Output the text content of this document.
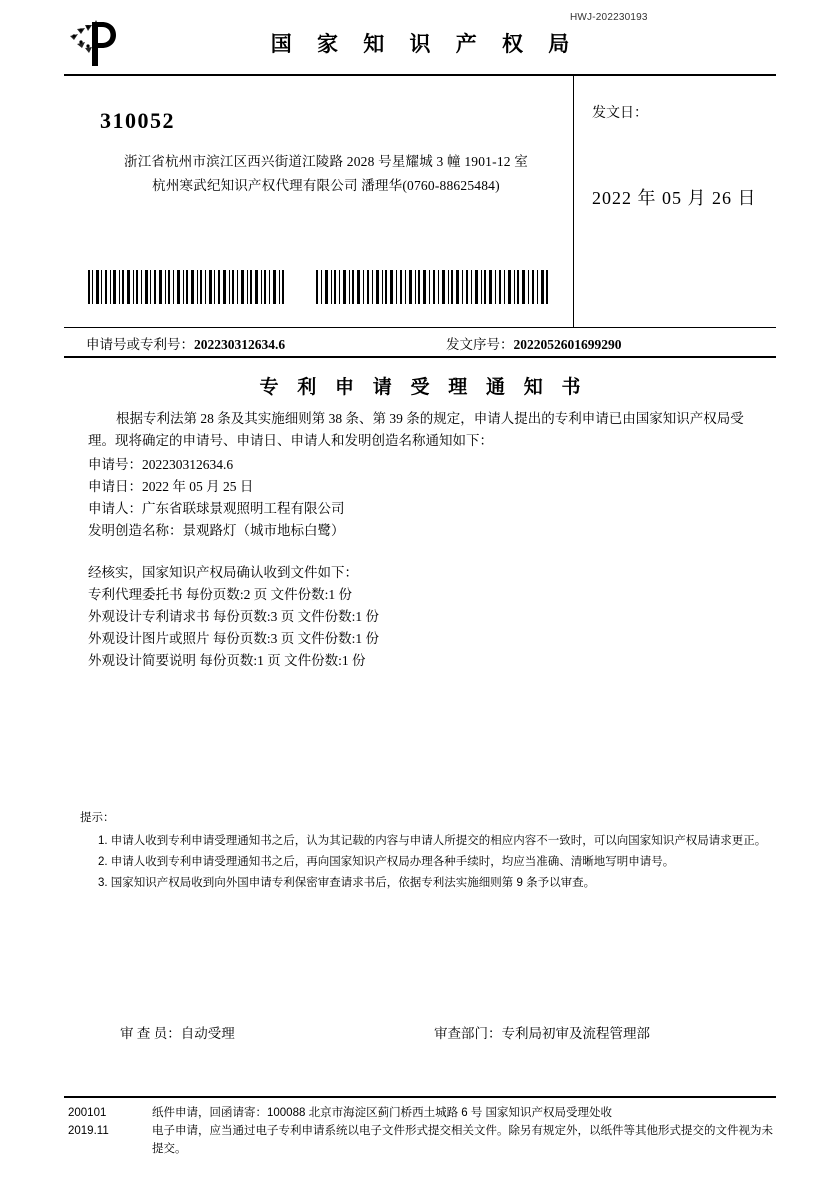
HWJ-202230193
国 家 知 识 产 权 局
310052
浙江省杭州市滨江区西兴街道江陵路 2028 号星耀城 3 幢 1901-12 室
杭州寒武纪知识产权代理有限公司 潘理华(0760-88625484)
发文日：
2022 年 05 月 26 日
申请号或专利号：202230312634.6	发文序号：2022052601699290
专 利 申 请 受 理 通 知 书
根据专利法第 28 条及其实施细则第 38 条、第 39 条的规定，申请人提出的专利申请已由国家知识产权局受理。现将确定的申请号、申请日、申请人和发明创造名称通知如下：
申请号：202230312634.6
申请日：2022 年 05 月 25 日
申请人：广东省联球景观照明工程有限公司
发明创造名称：景观路灯（城市地标白鹭）
经核实，国家知识产权局确认收到文件如下：
专利代理委托书 每份页数:2 页 文件份数:1 份
外观设计专利请求书 每份页数:3 页 文件份数:1 份
外观设计图片或照片 每份页数:3 页 文件份数:1 份
外观设计简要说明 每份页数:1 页 文件份数:1 份
提示：
1. 申请人收到专利申请受理通知书之后，认为其记载的内容与申请人所提交的相应内容不一致时，可以向国家知识产权局请求更正。
2. 申请人收到专利申请受理通知书之后，再向国家知识产权局办理各种手续时，均应当准确、清晰地写明申请号。
3. 国家知识产权局收到向外国申请专利保密审查请求书后，依据专利法实施细则第 9 条予以审查。
审 查 员：自动受理	审查部门：专利局初审及流程管理部
200101
2019.11
纸件申请，回函请寄：100088 北京市海淀区蓟门桥西土城路 6 号 国家知识产权局受理处收
电子申请，应当通过电子专利申请系统以电子文件形式提交相关文件。除另有规定外，以纸件等其他形式提交的文件视为未提交。
